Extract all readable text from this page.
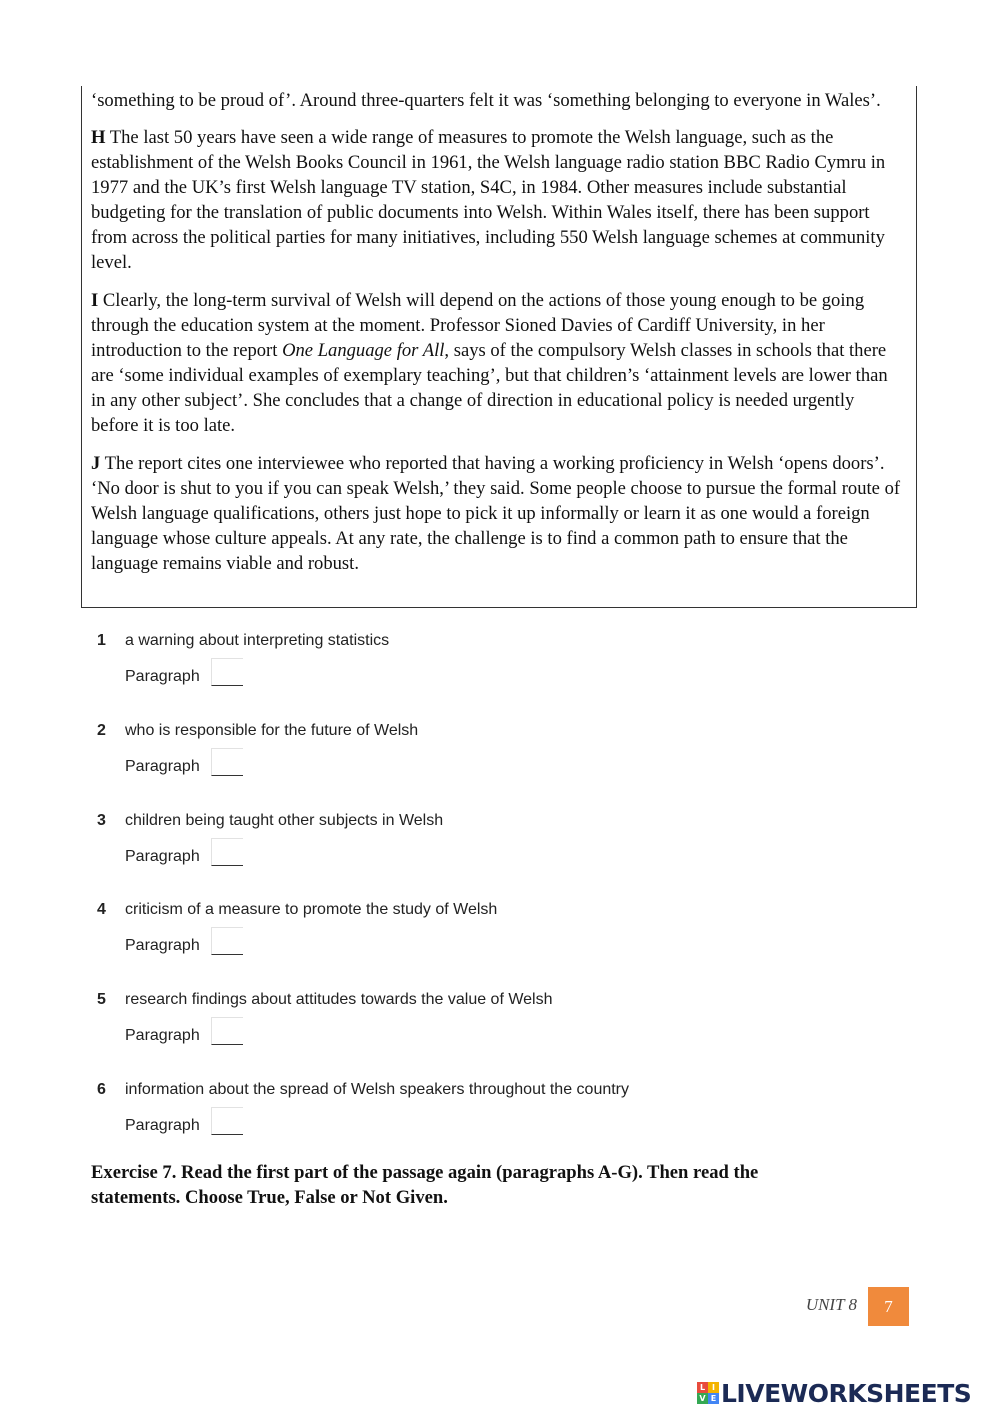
‘something to be proud of’. Around three-quarters felt it was ‘something belonging to everyone in Wales’.

H The last 50 years have seen a wide range of measures to promote the Welsh language, such as the establishment of the Welsh Books Council in 1961, the Welsh language radio station BBC Radio Cymru in 1977 and the UK’s first Welsh language TV station, S4C, in 1984. Other measures include substantial budgeting for the translation of public documents into Welsh. Within Wales itself, there has been support from across the political parties for many initiatives, including 550 Welsh language schemes at community level.

I Clearly, the long-term survival of Welsh will depend on the actions of those young enough to be going through the education system at the moment. Professor Sioned Davies of Cardiff University, in her introduction to the report One Language for All, says of the compulsory Welsh classes in schools that there are ‘some individual examples of exemplary teaching’, but that children’s ‘attainment levels are lower than in any other subject’. She concludes that a change of direction in educational policy is needed urgently before it is too late.

J The report cites one interviewee who reported that having a working proficiency in Welsh ‘opens doors’. ‘No door is shut to you if you can speak Welsh,’ they said. Some people choose to pursue the formal route of Welsh language qualifications, others just hope to pick it up informally or learn it as one would a foreign language whose culture appeals. At any rate, the challenge is to find a common path to ensure that the language remains viable and robust.

1 a warning about interpreting statistics
Paragraph
2 who is responsible for the future of Welsh
Paragraph
3 children being taught other subjects in Welsh
Paragraph
4 criticism of a measure to promote the study of Welsh
Paragraph
5 research findings about attitudes towards the value of Welsh
Paragraph
6 information about the spread of Welsh speakers throughout the country
Paragraph
Exercise 7. Read the first part of the passage again (paragraphs A-G). Then read the statements. Choose True, False or Not Given.
UNIT 8	7
L I
V E LIVEWORKSHEETS
